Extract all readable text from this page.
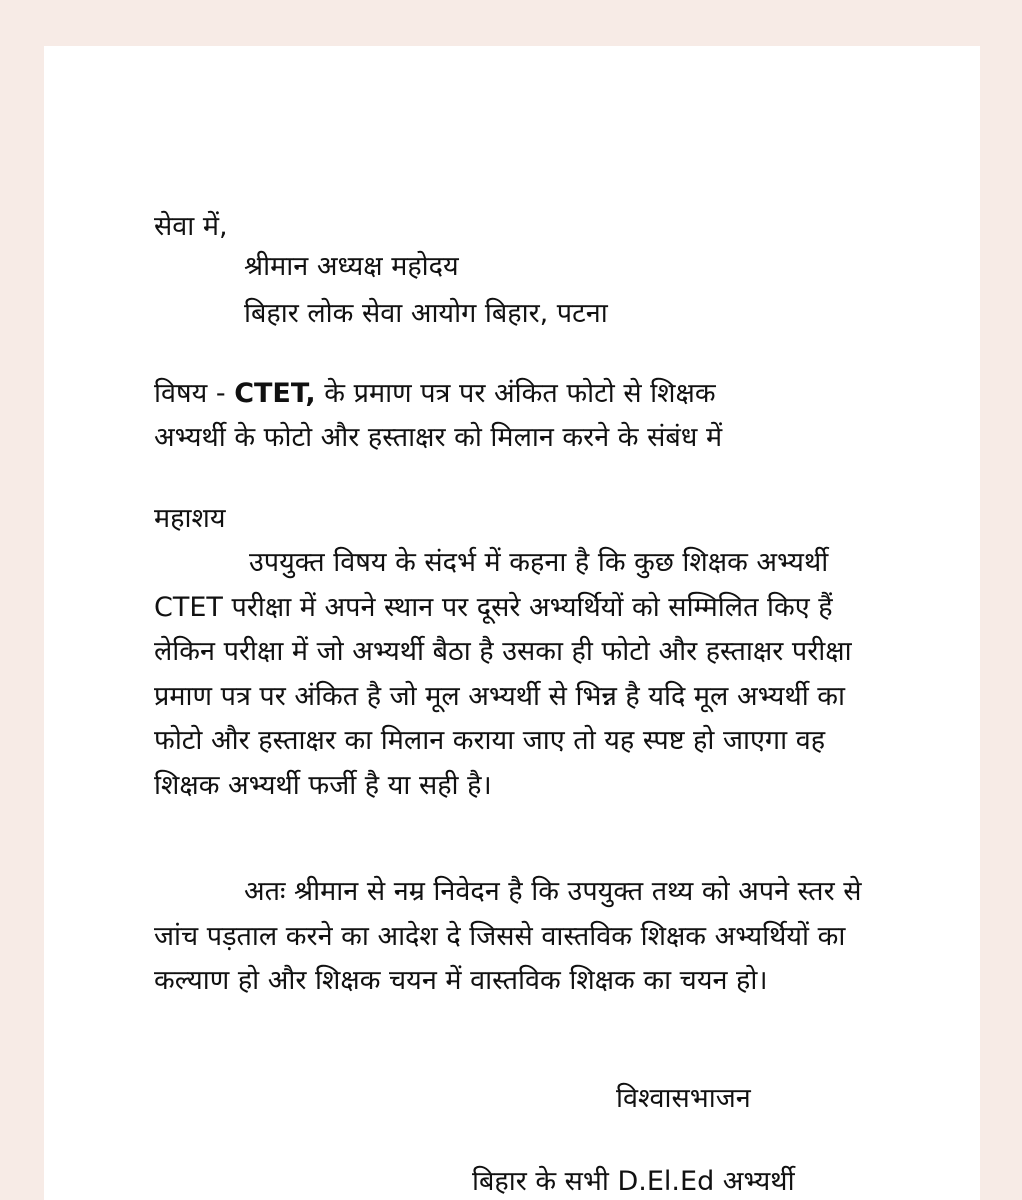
सेवा में,
श्रीमान अध्यक्ष महोदय
बिहार लोक सेवा आयोग बिहार, पटना
विषय - CTET, के प्रमाण पत्र पर अंकित फोटो से शिक्षक
अभ्यर्थी के फोटो और हस्ताक्षर को मिलान करने के संबंध में
महाशय
उपयुक्त विषय के संदर्भ में कहना है कि कुछ शिक्षक अभ्यर्थी CTET परीक्षा में अपने स्थान पर दूसरे अभ्यर्थियों को सम्मिलित किए हैं लेकिन परीक्षा में जो अभ्यर्थी बैठा है उसका ही फोटो और हस्ताक्षर परीक्षा प्रमाण पत्र पर अंकित है जो मूल अभ्यर्थी से भिन्न है यदि मूल अभ्यर्थी का फोटो और हस्ताक्षर का मिलान कराया जाए तो यह स्पष्ट हो जाएगा वह शिक्षक अभ्यर्थी फर्जी है या सही है।
अतः श्रीमान से नम्र निवेदन है कि उपयुक्त तथ्य को अपने स्तर से जांच पड़ताल करने का आदेश दे जिससे वास्तविक शिक्षक अभ्यर्थियों का कल्याण हो और शिक्षक चयन में वास्तविक शिक्षक का चयन हो।
विश्वासभाजन
बिहार के सभी D.El.Ed अभ्यर्थी
